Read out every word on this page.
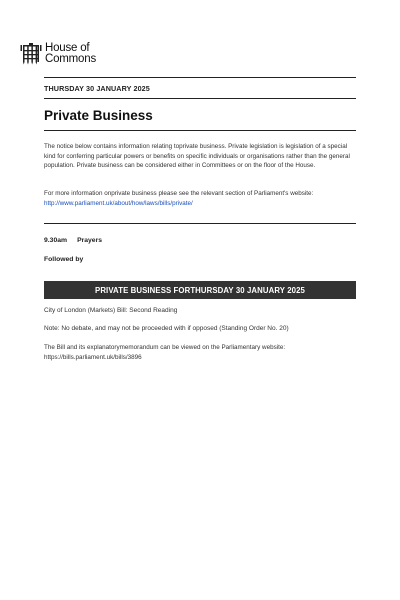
House of
Commons
THURSDAY 30 JANUARY 2025
Private Business
The notice below contains information relating toprivate business. Private legislation is legislation of a special kind for conferring particular powers or benefits on specific individuals or organisations rather than the general population. Private business can be considered either in Committees or on the floor of the House.
For more information onprivate business please see the relevant section of Parliament's website: http://www.parliament.uk/about/how/laws/bills/private/
9.30am Prayers
Followed by
PRIVATE BUSINESS FORTHURSDAY 30 JANUARY 2025
City of London (Markets) Bill: Second Reading
Note: No debate, and may not be proceeded with if opposed (Standing Order No. 20)
The Bill and its explanatorymemorandum can be viewed on the Parliamentary website: https://bills.parliament.uk/bills/3896
